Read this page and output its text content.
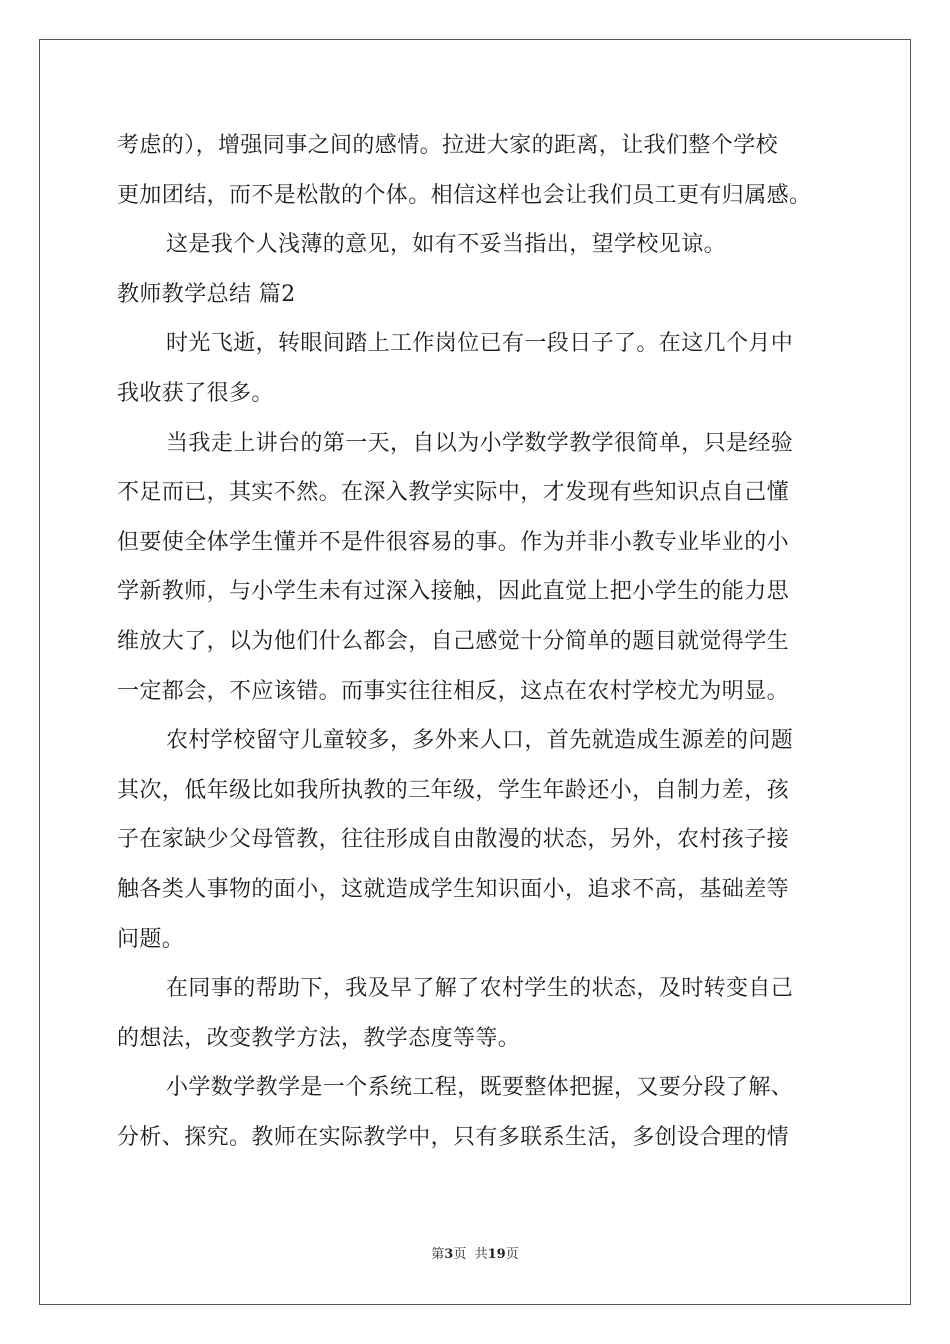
考虑的），增强同事之间的感情。拉进大家的距离，让我们整个学校
更加团结，而不是松散的个体。相信这样也会让我们员工更有归属感。
这是我个人浅薄的意见，如有不妥当指出，望学校见谅。
教师教学总结 篇2
时光飞逝，转眼间踏上工作岗位已有一段日子了。在这几个月中
我收获了很多。
当我走上讲台的第一天，自以为小学数学教学很简单，只是经验
不足而已，其实不然。在深入教学实际中，才发现有些知识点自己懂
但要使全体学生懂并不是件很容易的事。作为并非小教专业毕业的小
学新教师，与小学生未有过深入接触，因此直觉上把小学生的能力思
维放大了，以为他们什么都会，自己感觉十分简单的题目就觉得学生
一定都会，不应该错。而事实往往相反，这点在农村学校尤为明显。
农村学校留守儿童较多，多外来人口，首先就造成生源差的问题
其次，低年级比如我所执教的三年级，学生年龄还小，自制力差，孩
子在家缺少父母管教，往往形成自由散漫的状态，另外，农村孩子接
触各类人事物的面小，这就造成学生知识面小，追求不高，基础差等
问题。
在同事的帮助下，我及早了解了农村学生的状态，及时转变自己
的想法，改变教学方法，教学态度等等。
小学数学教学是一个系统工程，既要整体把握，又要分段了解、
分析、探究。教师在实际教学中，只有多联系生活，多创设合理的情
第3页  共19页
